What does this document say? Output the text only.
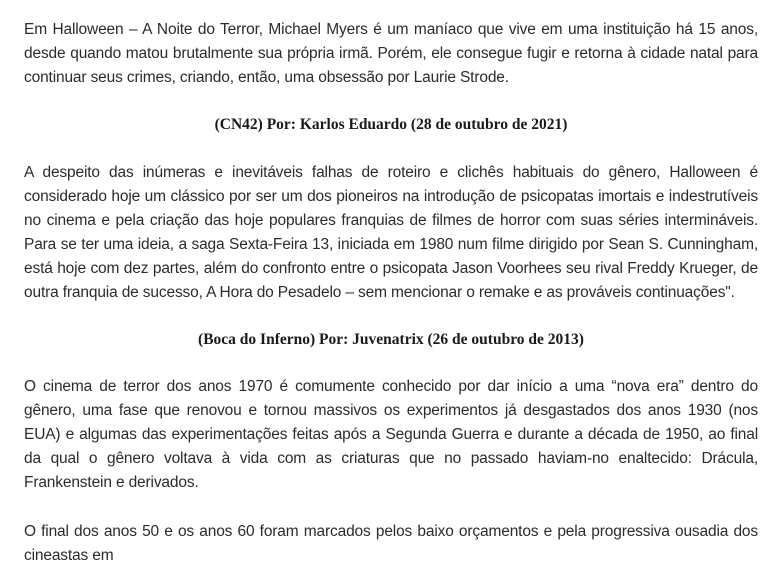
Em Halloween – A Noite do Terror, Michael Myers é um maníaco que vive em uma instituição há 15 anos, desde quando matou brutalmente sua própria irmã. Porém, ele consegue fugir e retorna à cidade natal para continuar seus crimes, criando, então, uma obsessão por Laurie Strode.

(CN42) Por: Karlos Eduardo (28 de outubro de 2021)

A despeito das inúmeras e inevitáveis falhas de roteiro e clichês habituais do gênero, Halloween é considerado hoje um clássico por ser um dos pioneiros na introdução de psicopatas imortais e indestrutíveis no cinema e pela criação das hoje populares franquias de filmes de horror com suas séries intermináveis. Para se ter uma ideia, a saga Sexta-Feira 13, iniciada em 1980 num filme dirigido por Sean S. Cunningham, está hoje com dez partes, além do confronto entre o psicopata Jason Voorhees seu rival Freddy Krueger, de outra franquia de sucesso, A Hora do Pesadelo – sem mencionar o remake e as prováveis continuações".

(Boca do Inferno) Por: Juvenatrix (26 de outubro de 2013)

O cinema de terror dos anos 1970 é comumente conhecido por dar início a uma “nova era” dentro do gênero, uma fase que renovou e tornou massivos os experimentos já desgastados dos anos 1930 (nos EUA) e algumas das experimentações feitas após a Segunda Guerra e durante a década de 1950, ao final da qual o gênero voltava à vida com as criaturas que no passado haviam-no enaltecido: Drácula, Frankenstein e derivados.

O final dos anos 50 e os anos 60 foram marcados pelos baixo orçamentos e pela progressiva ousadia dos cineastas em
